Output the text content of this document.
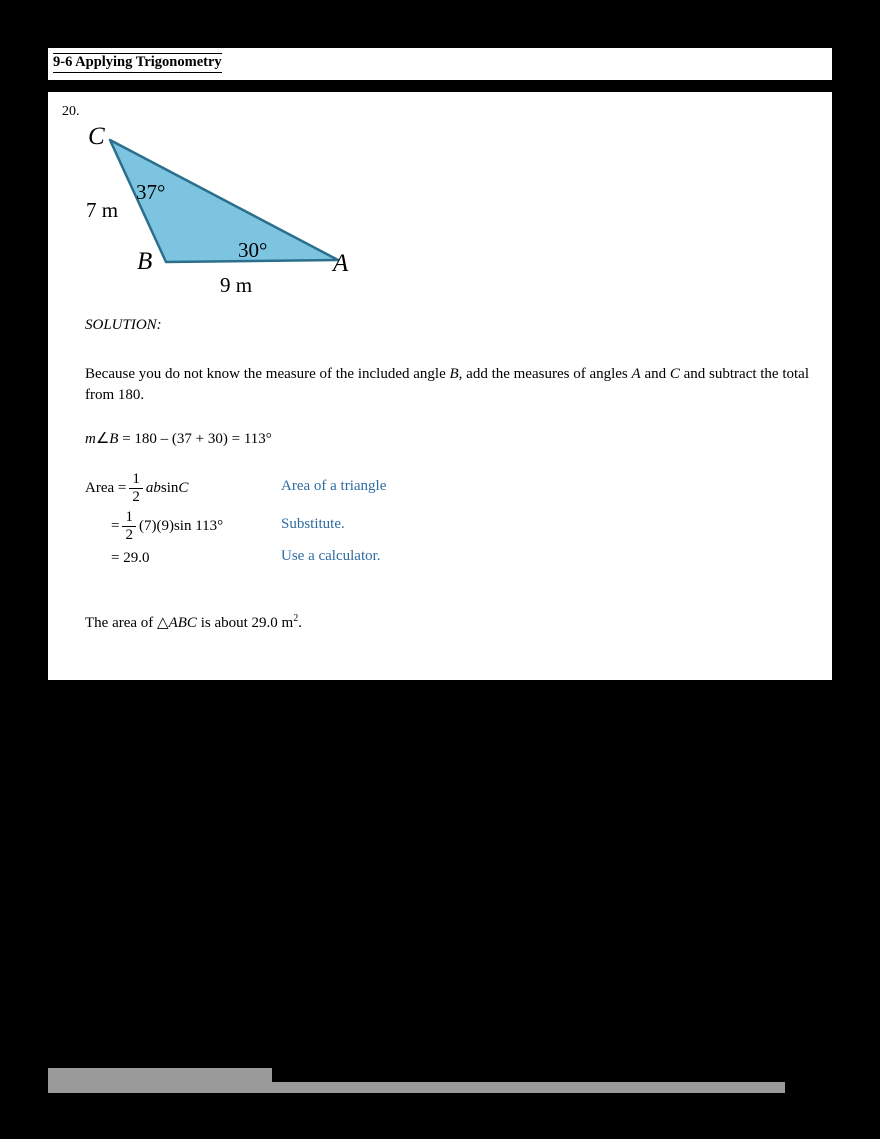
9-6 Applying Trigonometry
20.
C
B	A
37°
30°
7 m
9 m
SOLUTION:
Because you do not know the measure of the included angle B, add the measures of angles A and C and subtract the total from 180.
m∠B = 180 – (37 + 30) = 113°
Area = $\frac{1}{2}$ ab sin C	Area of a triangle
= $\frac{1}{2} (7)(9)\sin$ 113°	Substitute.
= 29.0	Use a calculator.
The area of △ABC is about 29.0 $m^2$.
